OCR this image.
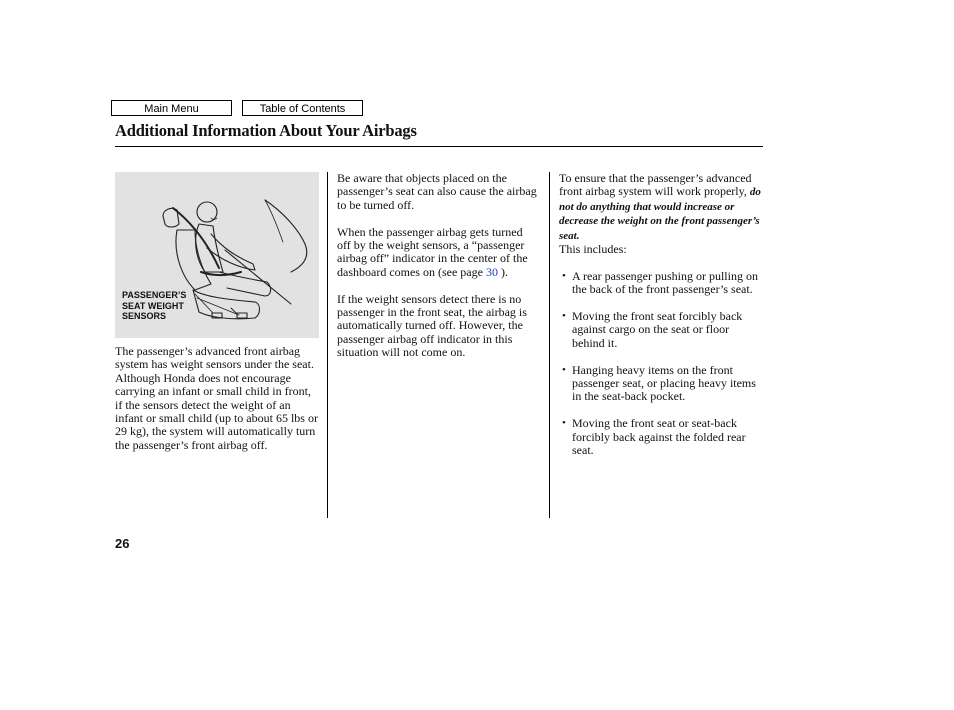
Main Menu	Table of Contents
Additional Information About Your Airbags
PASSENGER’S
SEAT WEIGHT
SENSORS

The passenger’s advanced front airbag system has weight sensors under the seat. Although Honda does not encourage carrying an infant or small child in front, if the sensors detect the weight of an infant or small child (up to about 65 lbs or 29 kg), the system will automatically turn the passenger’s front airbag off.

Be aware that objects placed on the passenger’s seat can also cause the airbag to be turned off.

When the passenger airbag gets turned off by the weight sensors, a “passenger airbag off” indicator in the center of the dashboard comes on (see page 30 ).

If the weight sensors detect there is no passenger in the front seat, the airbag is automatically turned off. However, the passenger airbag off indicator in this situation will not come on.

To ensure that the passenger’s advanced front airbag system will work properly, do not do anything that would increase or decrease the weight on the front passenger’s seat.
This includes:

• A rear passenger pushing or pulling on the back of the front passenger’s seat.
• Moving the front seat forcibly back against cargo on the seat or floor behind it.
• Hanging heavy items on the front passenger seat, or placing heavy items in the seat-back pocket.
• Moving the front seat or seat-back forcibly back against the folded rear seat.
26
